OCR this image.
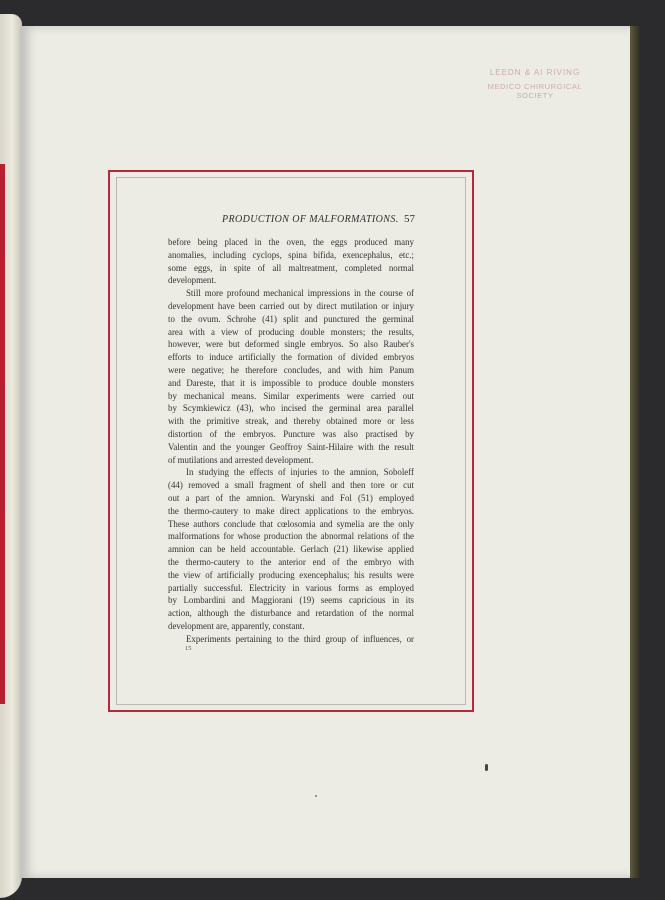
LEEDN & AI RIVING
MEDICO CHIRURGICAL SOCIETY
PRODUCTION OF MALFORMATIONS. 57
before being placed in the oven, the eggs produced many
anomalies, including cyclops, spina bifida, exencephalus, etc.;
some eggs, in spite of all maltreatment, completed normal
development.
Still more profound mechanical impressions in the course of
development have been carried out by direct mutilation or injury
to the ovum. Schrohe (41) split and punctured the germinal
area with a view of producing double monsters; the results,
however, were but deformed single embryos. So also Rauber's
efforts to induce artificially the formation of divided embryos
were negative; he therefore concludes, and with him Panum
and Dareste, that it is impossible to produce double monsters
by mechanical means. Similar experiments were carried out
by Scymkiewicz (43), who incised the germinal area parallel
with the primitive streak, and thereby obtained more or less
distortion of the embryos. Puncture was also practised by
Valentin and the younger Geoffroy Saint-Hilaire with the result
of mutilations and arrested development.
In studying the effects of injuries to the amnion, Soboleff
(44) removed a small fragment of shell and then tore or cut
out a part of the amnion. Warynski and Fol (51) employed
the thermo-cautery to make direct applications to the embryos.
These authors conclude that cœlosomia and symelia are the only
malformations for whose production the abnormal relations of the
amnion can be held accountable. Gerlach (21) likewise applied
the thermo-cautery to the anterior end of the embryo with
the view of artificially producing exencephalus; his results were
partially successful. Electricity in various forms as employed
by Lombardini and Maggiorani (19) seems capricious in its
action, although the disturbance and retardation of the normal
development are, apparently, constant.
Experiments pertaining to the third group of influences, or
15
